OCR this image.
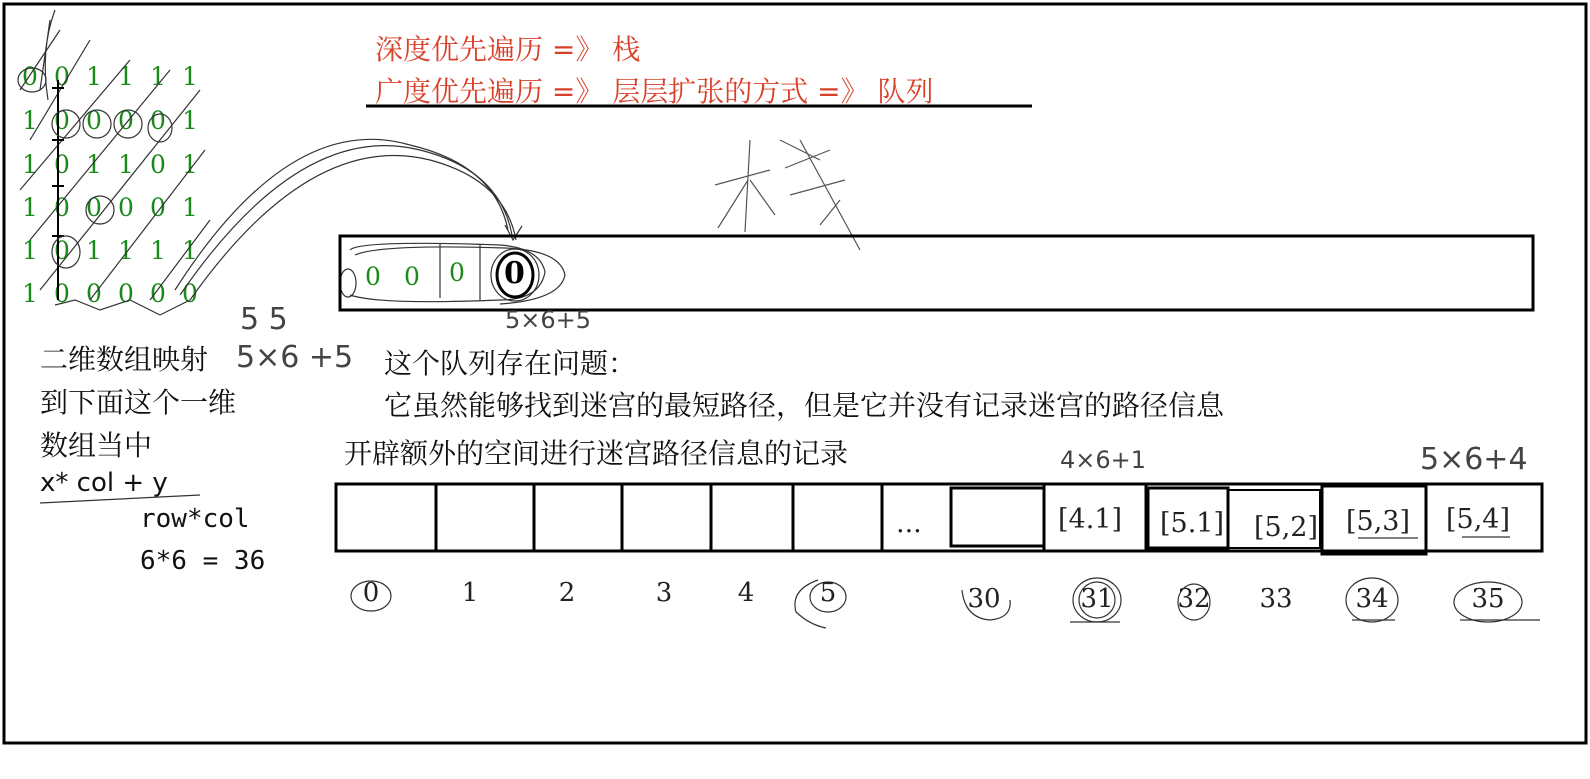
深度优先遍历 =》 栈
广度优先遍历 =》 层层扩张的方式 =》 队列
0 0 1 1 1 1
1 0 0 0 0 1
1 0 1 1 0 1
1 0 0 0 0 1
1 0 1 1 1 1
1 0 0 0 0 0
0 0 0 0
5×6+5
5 5
5×6 +5
4×6+1	5×6+4
二维数组映射
到下面这个一维
数组当中
x* col + y
row*col
6*6 = 36
这个队列存在问题：
它虽然能够找到迷宫的最短路径，但是它并没有记录迷宫的路径信息
开辟额外的空间进行迷宫路径信息的记录
...	[4.1] [5.1] [5,2] [5,3] [5,4]
0	1	2	3	4	5	30	31	32	33	34	35
